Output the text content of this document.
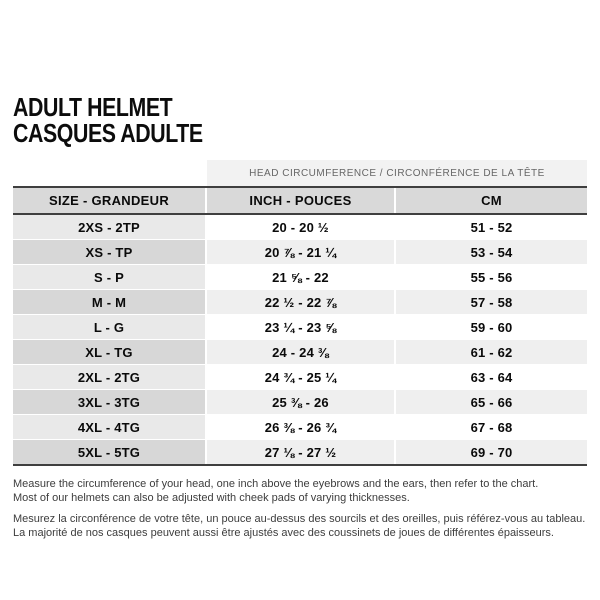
ADULT HELMET
CASQUES ADULTE
HEAD CIRCUMFERENCE / CIRCONFÉRENCE DE LA TÊTE
SIZE - GRANDEUR	INCH - POUCES	CM
2XS - 2TP	20 - 20 ½	51 - 52
XS - TP	20 ⅞ - 21 ¼	53 - 54
S - P	21 ⅝ - 22	55 - 56
M - M	22 ½ - 22 ⅞	57 - 58
L - G	23 ¼ - 23 ⅝	59 - 60
XL - TG	24 - 24 ⅜	61 - 62
2XL - 2TG	24 ¾ - 25 ¼	63 - 64
3XL - 3TG	25 ⅜ - 26	65 - 66
4XL - 4TG	26 ⅜ - 26 ¾	67 - 68
5XL - 5TG	27 ⅛ - 27 ½	69 - 70

Measure the circumference of your head, one inch above the eyebrows and the ears, then refer to the chart.
Most of our helmets can also be adjusted with cheek pads of varying thicknesses.

Mesurez la circonférence de votre tête, un pouce au-dessus des sourcils et des oreilles, puis référez-vous au tableau.
La majorité de nos casques peuvent aussi être ajustés avec des coussinets de joues de différentes épaisseurs.
